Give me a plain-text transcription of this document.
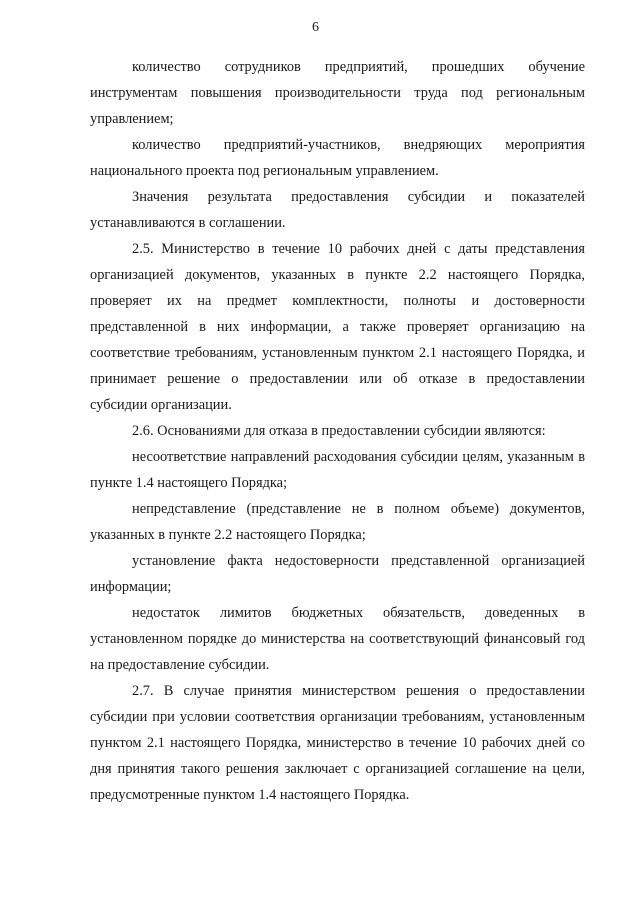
6

количество сотрудников предприятий, прошедших обучение инструментам повышения производительности труда под региональным управлением;

количество предприятий-участников, внедряющих мероприятия национального проекта под региональным управлением.

Значения результата предоставления субсидии и показателей устанавливаются в соглашении.

2.5. Министерство в течение 10 рабочих дней с даты представления организацией документов, указанных в пункте 2.2 настоящего Порядка, проверяет их на предмет комплектности, полноты и достоверности представленной в них информации, а также проверяет организацию на соответствие требованиям, установленным пунктом 2.1 настоящего Порядка, и принимает решение о предоставлении или об отказе в предоставлении субсидии организации.

2.6. Основаниями для отказа в предоставлении субсидии являются:

несоответствие направлений расходования субсидии целям, указанным в пункте 1.4 настоящего Порядка;

непредставление (представление не в полном объеме) документов, указанных в пункте 2.2 настоящего Порядка;

установление факта недостоверности представленной организацией информации;

недостаток лимитов бюджетных обязательств, доведенных в установленном порядке до министерства на соответствующий финансовый год на предоставление субсидии.

2.7. В случае принятия министерством решения о предоставлении субсидии при условии соответствия организации требованиям, установленным пунктом 2.1 настоящего Порядка, министерство в течение 10 рабочих дней со дня принятия такого решения заключает с организацией соглашение на цели, предусмотренные пунктом 1.4 настоящего Порядка.
